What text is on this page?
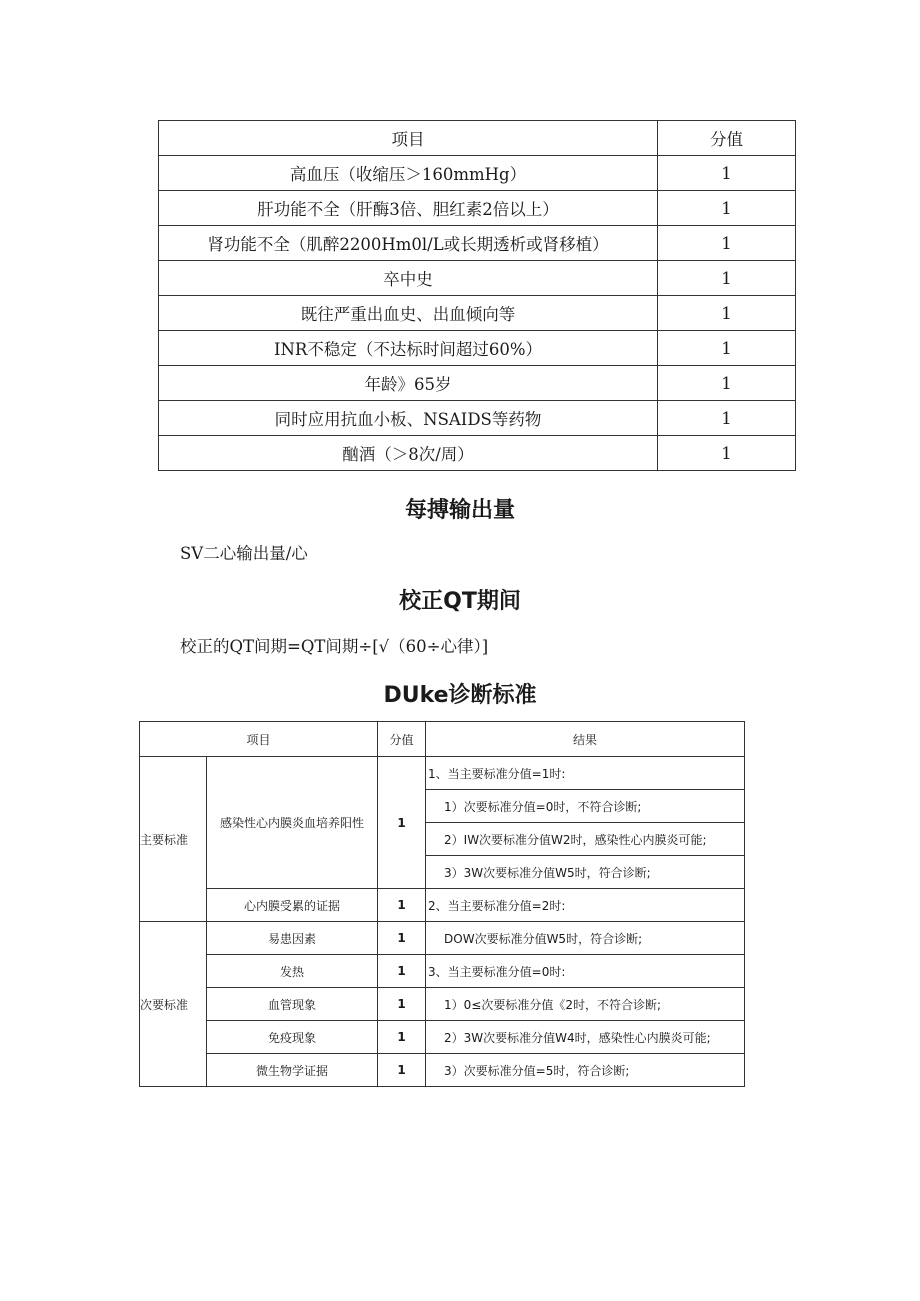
项目	分值
高血压（收缩压＞160mmHg）	1
肝功能不全（肝酶3倍、胆红素2倍以上）	1
肾功能不全（肌醉2200Hm0l/L或长期透析或肾移植）	1
卒中史	1
既往严重出血史、出血倾向等	1
INR不稳定（不达标时间超过60%）	1
年龄》65岁	1
同时应用抗血小板、NSAIDS等药物	1
酗酒（＞8次/周）	1
每搏输出量

SV二心输出量/心

校正QT期间

校正的QT间期=QT间期÷[√（60÷心律）]

DUke诊断标准
项目		分值	结果
主要标准	感染性心内膜炎血培养阳性	1	1、当主要标准分值=1时:
			1）次要标准分值=0时，不符合诊断;
			2）IW次要标准分值W2时，感染性心内膜炎可能;
			3）3W次要标准分值W5时，符合诊断;
	心内膜受累的证据	1	2、当主要标准分值=2时:
次要标准	易患因素	1	DOW次要标准分值W5时，符合诊断;
	发热	1	3、当主要标准分值=0时:
	血管现象	1	1）0≤次要标准分值《2时，不符合诊断;
	免疫现象	1	2）3W次要标准分值W4时，感染性心内膜炎可能;
	微生物学证据	1	3）次要标准分值=5时，符合诊断;
